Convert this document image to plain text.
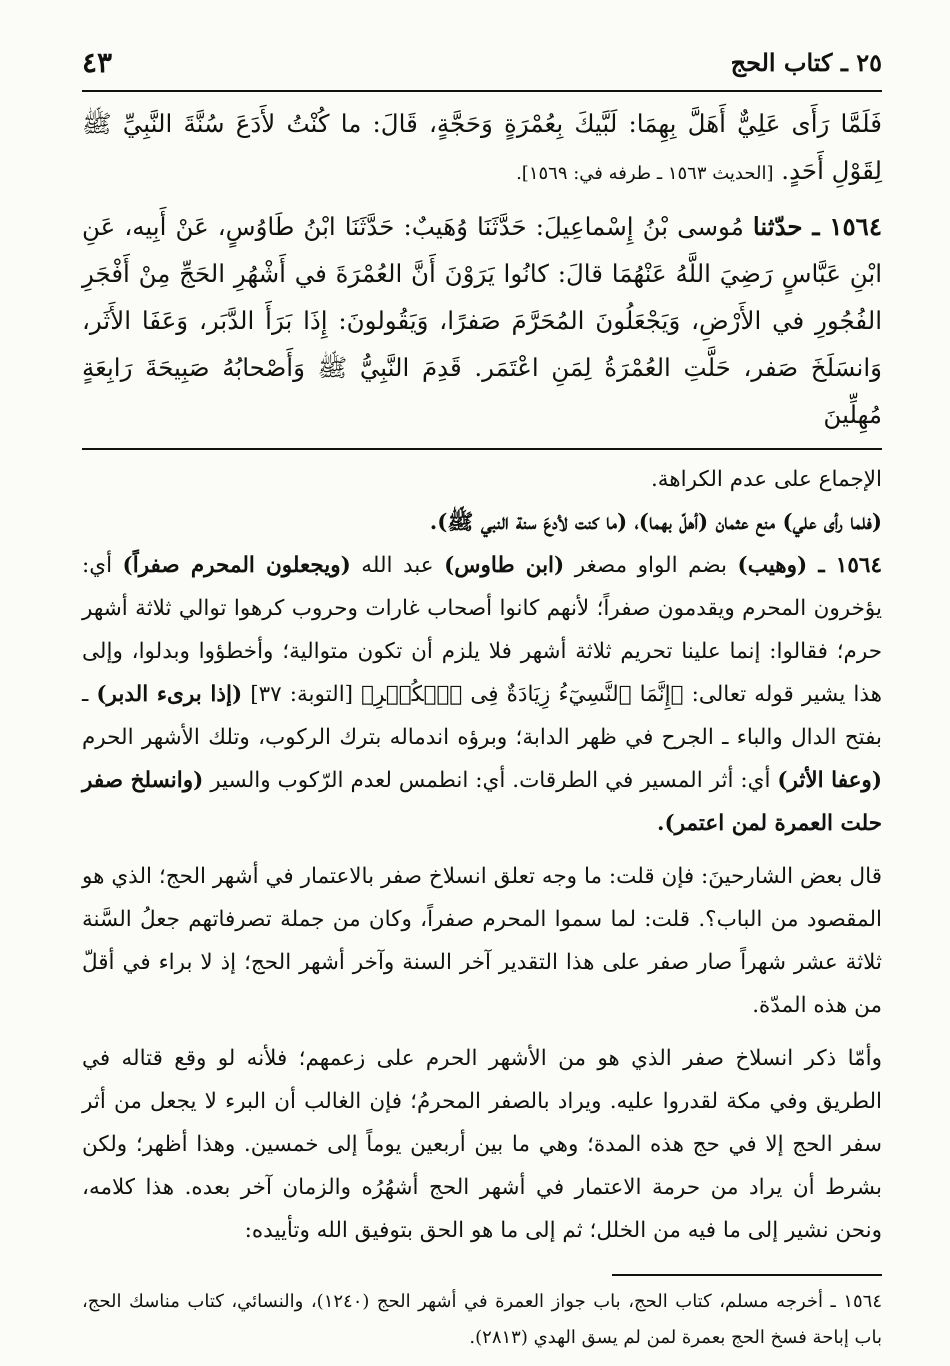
٢٥ ـ كتاب الحج
٤٣

فَلَمَّا رَأَى عَلِيٌّ أَهَلَّ بِهِمَا: لَبَّيكَ بِعُمْرَةٍ وَحَجَّةٍ، قَالَ: ما كُنْتُ لأَدَعَ سُنَّةَ النَّبِيِّ ﷺ لِقَوْلِ أَحَدٍ. [الحديث ١٥٦٣ ـ طرفه في: ١٥٦٩].

١٥٦٤ ـ حدّثنا مُوسى بْنُ إِسْماعِيلَ: حَدَّثَنَا وُهَيبٌ: حَدَّثَنَا ابْنُ طَاوُسٍ، عَنْ أَبِيه، عَنِ ابْنِ عَبَّاسٍ رَضِيَ اللَّهُ عَنْهُمَا قالَ: كانُوا يَرَوْنَ أَنَّ العُمْرَةَ في أَشْهُرِ الحَجِّ مِنْ أَفْجَرِ الفُجُورِ في الأَرْضِ، وَيَجْعَلُونَ المُحَرَّمَ صَفرًا، وَيَقُولونَ: إِذَا بَرَأَ الدَّبَر، وَعَفَا الأَثَر، وَانسَلَخَ صَفر، حَلَّتِ العُمْرَةُ لِمَنِ اعْتَمَر. قَدِمَ النَّبِيُّ ﷺ وَأَصْحابُهُ صَبِيحَةَ رَابِعَةٍ مُهِلِّينَ

الإجماع على عدم الكراهة.

(فلما رأى علي) منع عثمان (أهلّ بهما)، (ما كنت لأدعَ سنة النبي ﷺ).

١٥٦٤ ـ (وهيب) بضم الواو مصغر (ابن طاوس) عبد الله (ويجعلون المحرم صفراً) أي: يؤخرون المحرم ويقدمون صفراً؛ لأنهم كانوا أصحاب غارات وحروب كرهوا توالي ثلاثة أشهر حرم؛ فقالوا: إنما علينا تحريم ثلاثة أشهر فلا يلزم أن تكون متوالية؛ وأخطؤوا وبدلوا، وإلى هذا يشير قوله تعالى: ﴿إِنَّمَا ٱلنَّسِيٓءُ زِيَادَةٌ فِى ٱلۡكُفۡرِ﴾ [التوبة: ٣٧] (إذا برىء الدبر) ـ بفتح الدال والباء ـ الجرح في ظهر الدابة؛ وبرؤه اندماله بترك الركوب، وتلك الأشهر الحرم (وعفا الأثر) أي: أثر المسير في الطرقات. أي: انطمس لعدم الرّكوب والسير (وانسلخ صفر حلت العمرة لمن اعتمر).

قال بعض الشارحينَ: فإن قلت: ما وجه تعلق انسلاخ صفر بالاعتمار في أشهر الحج؛ الذي هو المقصود من الباب؟. قلت: لما سموا المحرم صفراً، وكان من جملة تصرفاتهم جعلُ السَّنة ثلاثة عشر شهراً صار صفر على هذا التقدير آخر السنة وآخر أشهر الحج؛ إذ لا براء في أقلّ من هذه المدّة.

وأمّا ذكر انسلاخ صفر الذي هو من الأشهر الحرم على زعمهم؛ فلأنه لو وقع قتاله في الطريق وفي مكة لقدروا عليه. ويراد بالصفر المحرمُ؛ فإن الغالب أن البرء لا يجعل من أثر سفر الحج إلا في حج هذه المدة؛ وهي ما بين أربعين يوماً إلى خمسين. وهذا أظهر؛ ولكن بشرط أن يراد من حرمة الاعتمار في أشهر الحج أشهُرُه والزمان آخر بعده. هذا كلامه، ونحن نشير إلى ما فيه من الخلل؛ ثم إلى ما هو الحق بتوفيق الله وتأييده:

١٥٦٤ ـ أخرجه مسلم، كتاب الحج، باب جواز العمرة في أشهر الحج (١٢٤٠)، والنسائي، كتاب مناسك الحج، باب إباحة فسخ الحج بعمرة لمن لم يسق الهدي (٢٨١٣).
